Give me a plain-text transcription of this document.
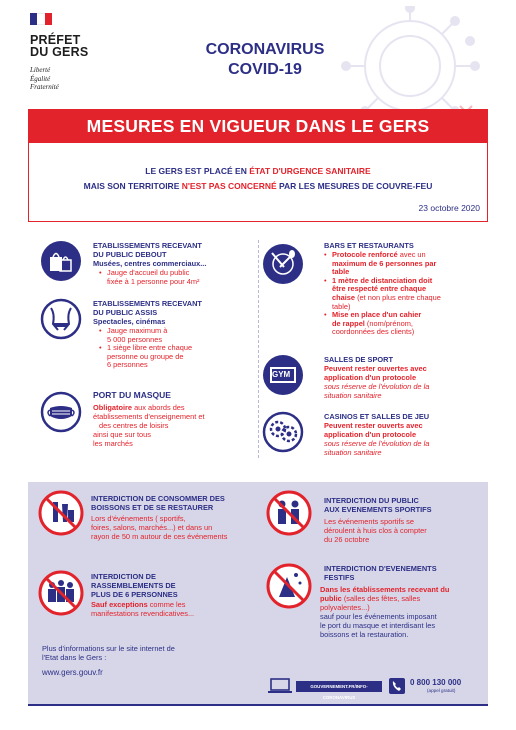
PRÉFET
DU GERS
Liberté
Égalité
Fraternité
CORONAVIRUS
COVID-19
MESURES EN VIGUEUR DANS LE GERS
LE GERS EST PLACÉ EN ÉTAT D'URGENCE SANITAIRE
MAIS SON TERRITOIRE N'EST PAS CONCERNÉ PAR LES MESURES DE COUVRE-FEU
23 octobre 2020
ETABLISSEMENTS RECEVANT
DU PUBLIC DEBOUT
Musées, centres commerciaux...
• Jauge d'accueil du public
fixée à 1 personne pour 4m²
ETABLISSEMENTS RECEVANT
DU PUBLIC ASSIS
Spectacles, cinémas
• Jauge maximum à
5 000 personnes
• 1 siège libre entre chaque
personne ou groupe de
6 personnes
PORT DU MASQUE
Obligatoire aux abords des
établissements d'enseignement et
des centres de loisirs
ainsi que sur tous
les marchés
GYM
BARS ET RESTAURANTS
• Protocole renforcé avec un
maximum de 6 personnes par
table
• 1 mètre de distanciation doit
être respecté entre chaque
chaise (et non plus entre chaque
table)
• Mise en place d'un cahier
de rappel (nom/prénom,
coordonnées des clients)
SALLES DE SPORT
Peuvent rester ouvertes avec
application d'un protocole
sous réserve de l'évolution de la
situation sanitaire
CASINOS ET SALLES DE JEU
Peuvent rester ouverts avec
application d'un protocole
sous réserve de l'évolution de la
situation sanitaire
INTERDICTION DE CONSOMMER DES
BOISSONS ET DE SE RESTAURER
Lors d'événements ( sportifs,
foires, salons, marchés...) et dans un
rayon de 50 m autour de ces événements
INTERDICTION DU PUBLIC
AUX EVENEMENTS SPORTIFS
Les événements sportifs se
déroulent à huis clos à compter
du 26 octobre
INTERDICTION DE
RASSEMBLEMENTS DE
PLUS DE 6 PERSONNES
Sauf exceptions comme les
manifestations revendicatives...
INTERDICTION D'EVENEMENTS
FESTIFS
Dans les établissements recevant du
public (salles des fêtes, salles
polyvalentes...)
sauf pour les événements imposant
le port du masque et interdisant les
boissons et la restauration.
Plus d'informations sur le site internet de
l'Etat dans le Gers :
www.gers.gouv.fr
GOUVERNEMENT.FR/INFO-CORONAVIRUS
0 800 130 000
(appel gratuit)
